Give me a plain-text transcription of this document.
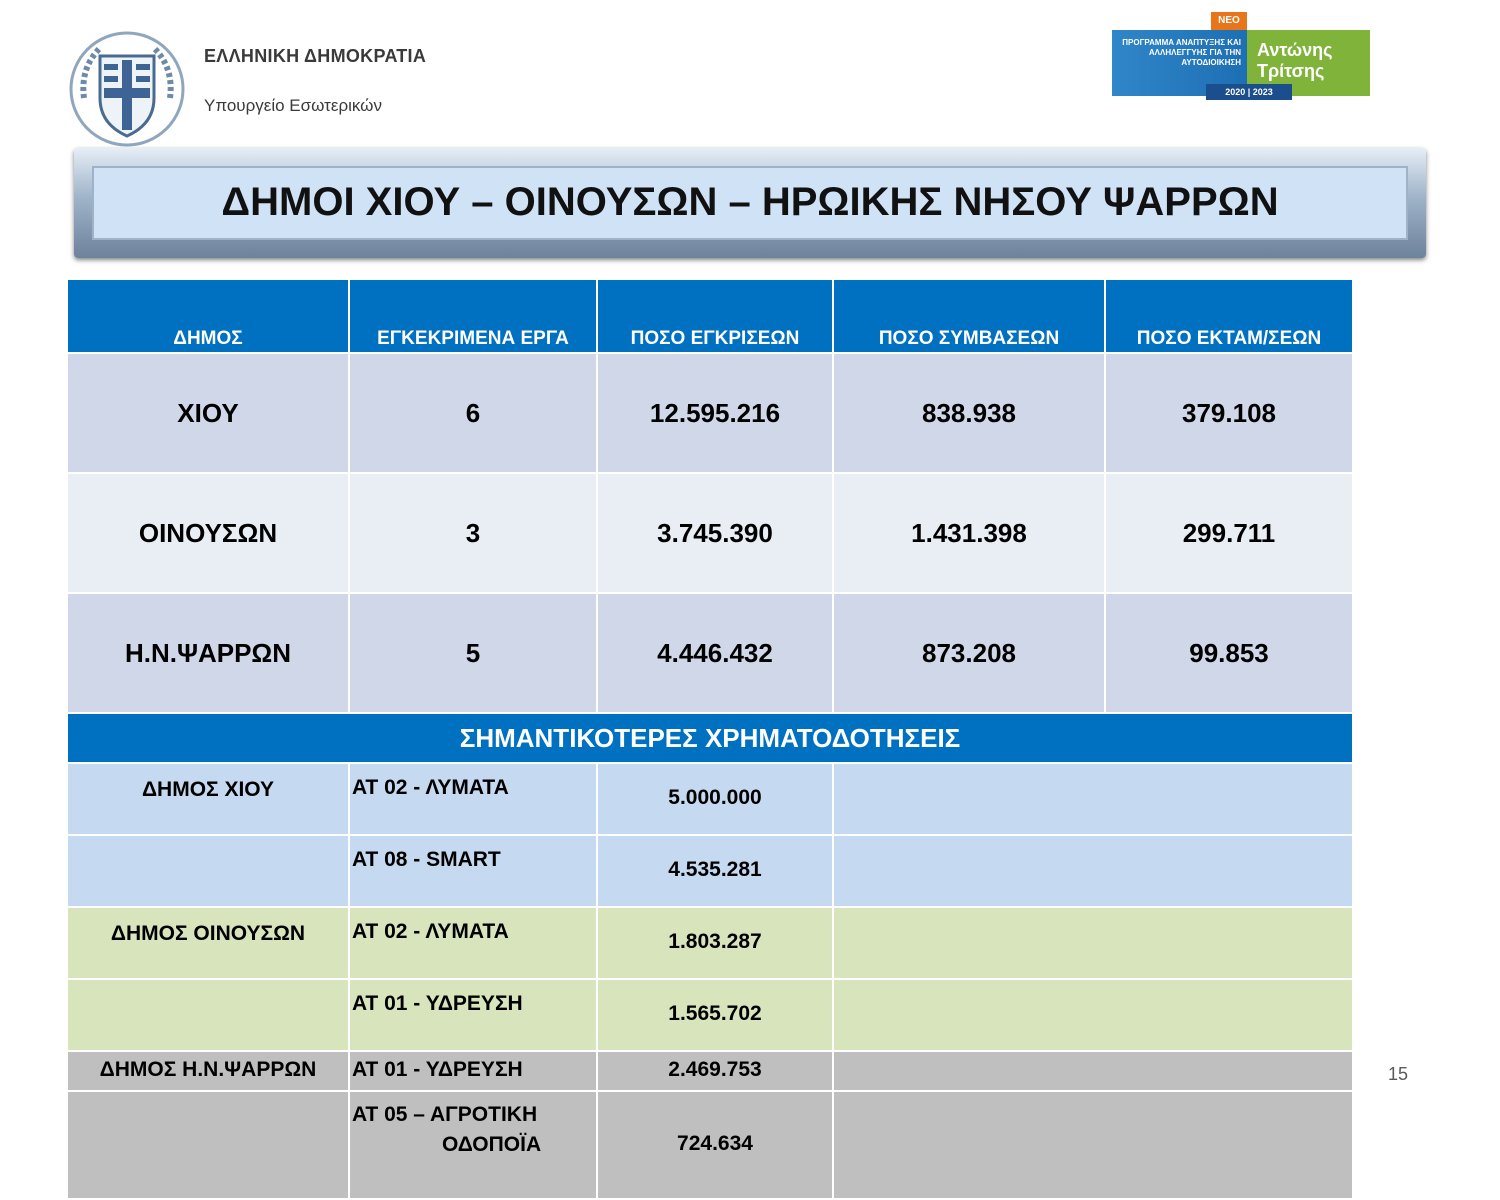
ΕΛΛΗΝΙΚΗ ΔΗΜΟΚΡΑΤΙΑ
Υπουργείο Εσωτερικών
ΝΕΟ
ΠΡΟΓΡΑΜΜΑ ΑΝΑΠΤΥΞΗΣ ΚΑΙ ΑΛΛΗΛΕΓΓΥΗΣ ΓΙΑ ΤΗΝ ΑΥΤΟΔΙΟΙΚΗΣΗ
Αντώνης
Τρίτσης
2020 | 2023
ΔΗΜΟΙ ΧΙΟΥ – ΟΙΝΟΥΣΩΝ – ΗΡΩΙΚΗΣ ΝΗΣΟΥ ΨΑΡΡΩΝ
ΔΗΜΟΣ	ΕΓΚΕΚΡΙΜΕΝΑ ΕΡΓΑ	ΠΟΣΟ ΕΓΚΡΙΣΕΩΝ	ΠΟΣΟ ΣΥΜΒΑΣΕΩΝ	ΠΟΣΟ ΕΚΤΑΜ/ΣΕΩΝ
ΧΙΟΥ	6	12.595.216	838.938	379.108
ΟΙΝΟΥΣΩΝ	3	3.745.390	1.431.398	299.711
Η.Ν.ΨΑΡΡΩΝ	5	4.446.432	873.208	99.853
ΣΗΜΑΝΤΙΚΟΤΕΡΕΣ ΧΡΗΜΑΤΟΔΟΤΗΣΕΙΣ				
ΔΗΜΟΣ ΧΙΟΥ	ΑΤ 02 - ΛΥΜΑΤΑ	5.000.000		
	ΑΤ 08 - SMART	4.535.281		
ΔΗΜΟΣ ΟΙΝΟΥΣΩΝ	ΑΤ 02 - ΛΥΜΑΤΑ	1.803.287		
	ΑΤ 01 - ΥΔΡΕΥΣΗ	1.565.702		
ΔΗΜΟΣ Η.Ν.ΨΑΡΡΩΝ	ΑΤ 01 - ΥΔΡΕΥΣΗ	2.469.753		
	ΑΤ 05 – ΑΓΡΟΤΙΚΗ
ΟΔΟΠΟΪΑ	724.634		
15
